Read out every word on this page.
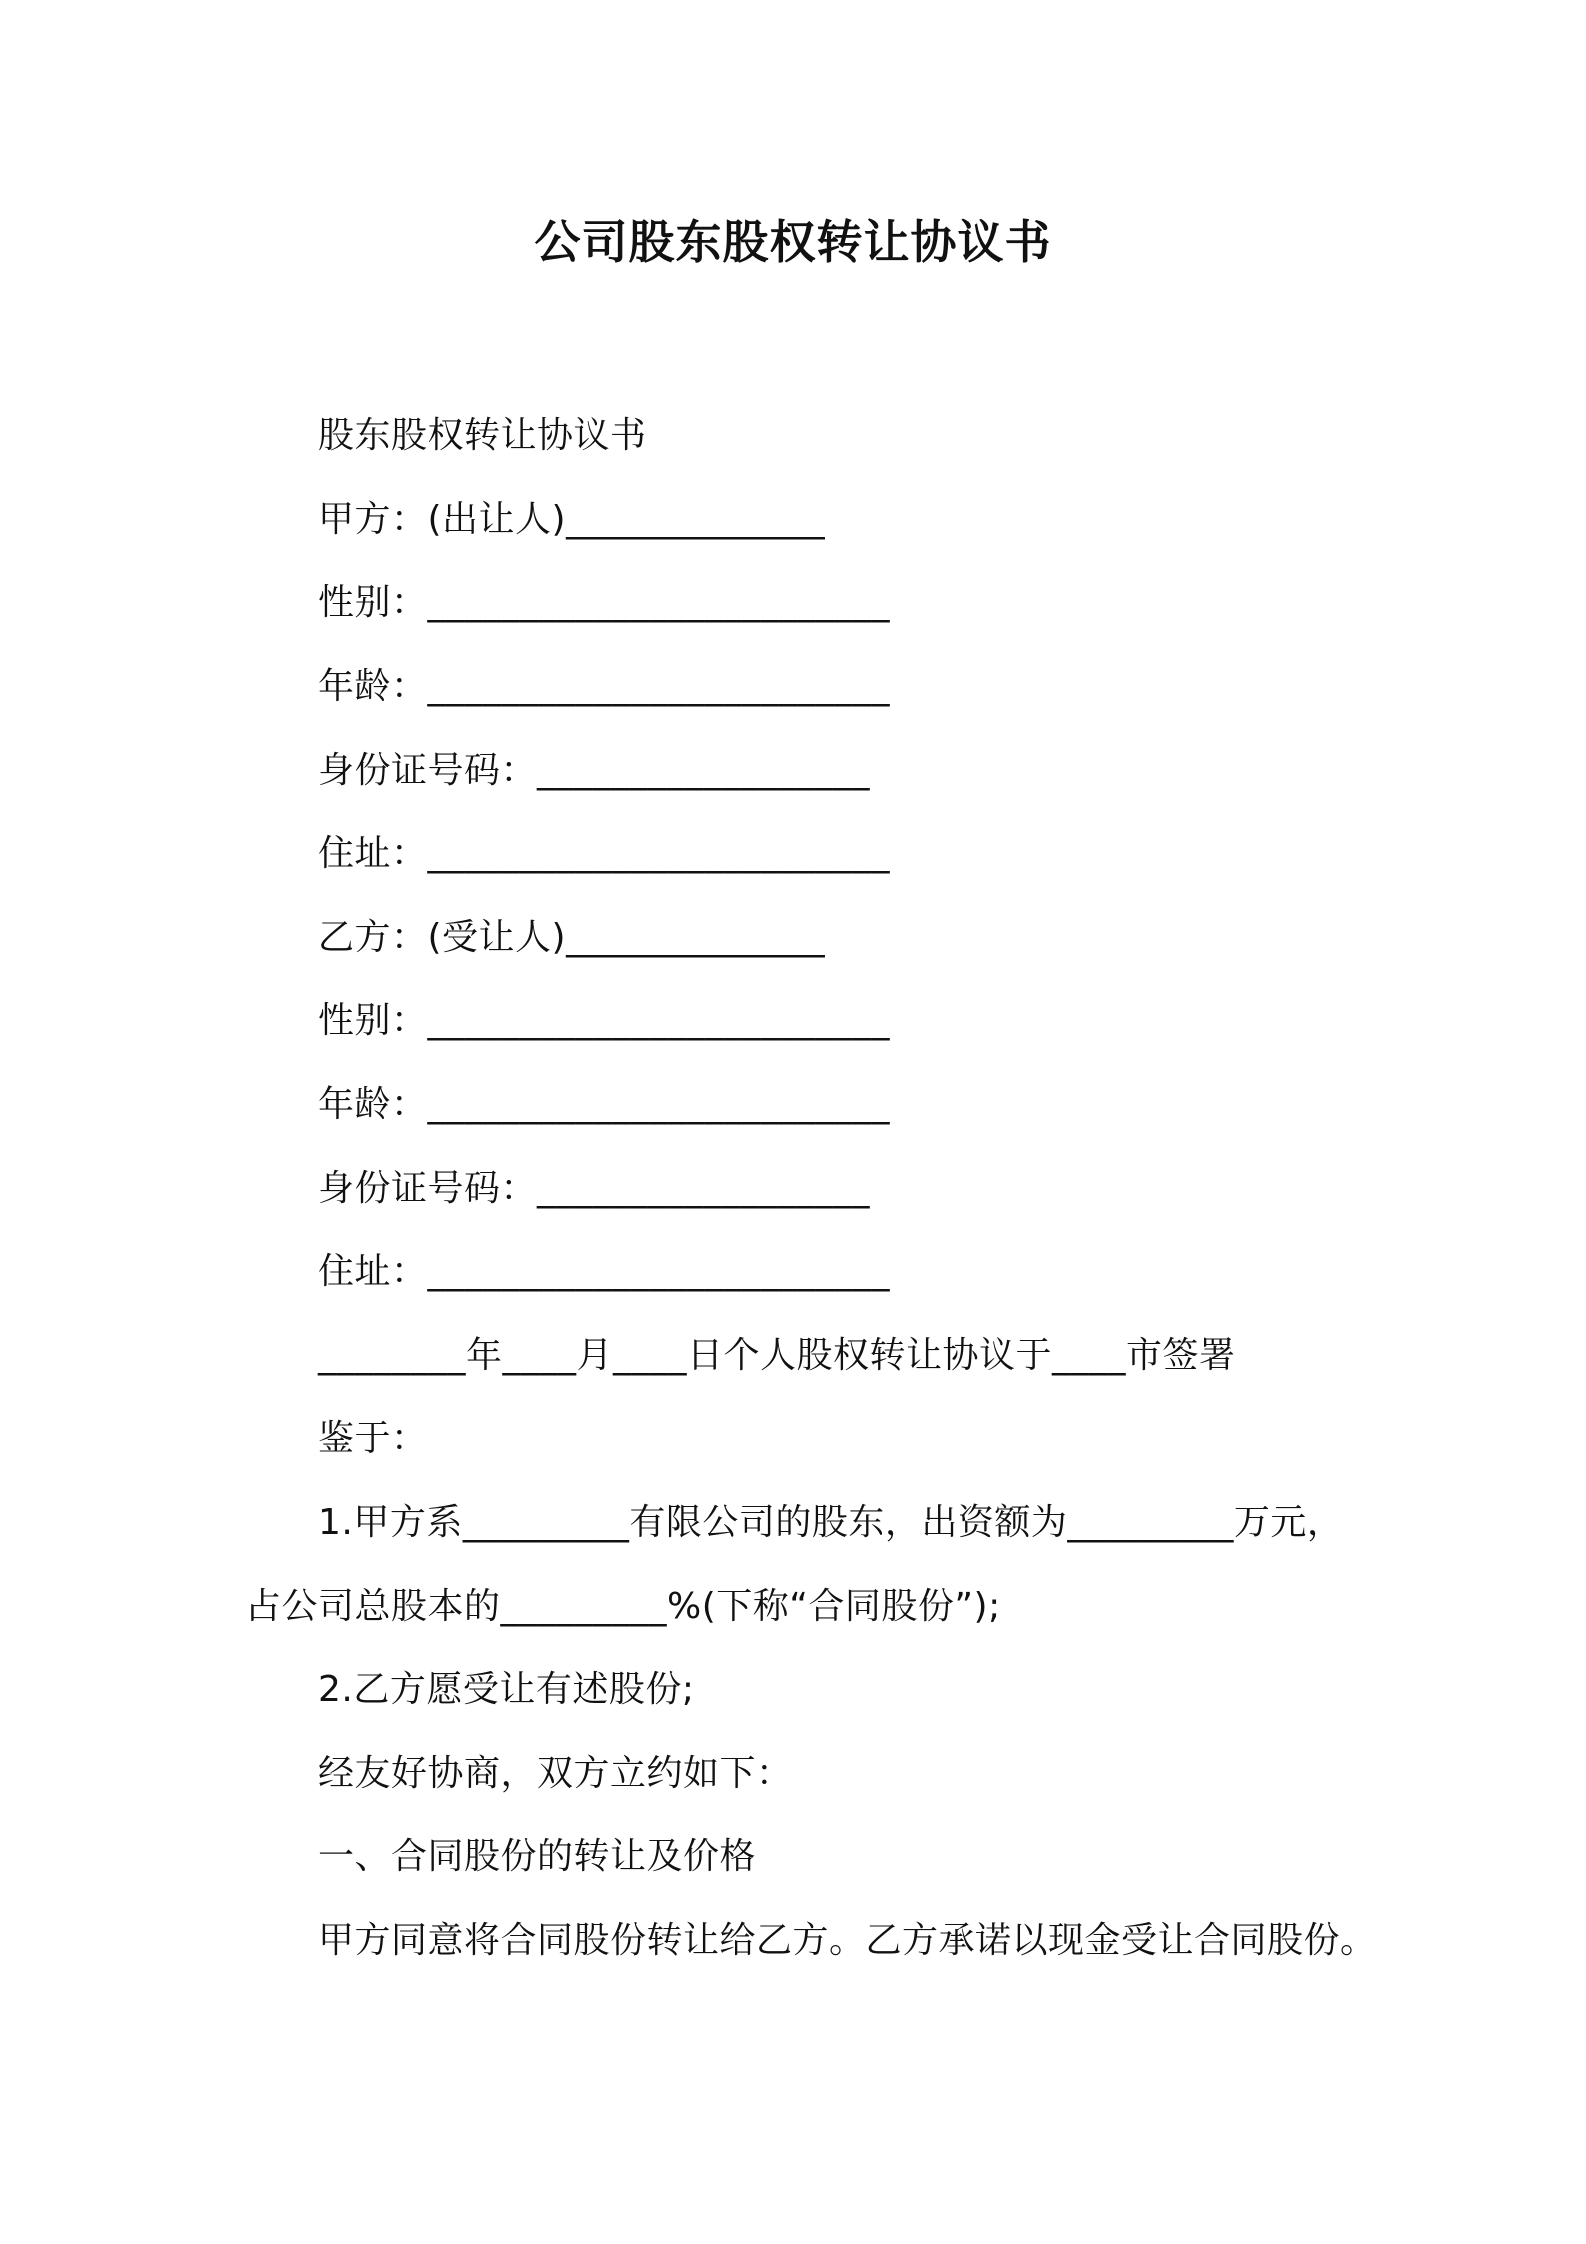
公司股东股权转让协议书
股东股权转让协议书
甲方：(出让人)______________
性别：_________________________
年龄：_________________________
身份证号码：__________________
住址：_________________________
乙方：(受让人)______________
性别：_________________________
年龄：_________________________
身份证号码：__________________
住址：_________________________
________年____月____日个人股权转让协议于____市签署
鉴于：
1.甲方系_________有限公司的股东，出资额为_________万元，
占公司总股本的_________%(下称“合同股份”);
2.乙方愿受让有述股份;
经友好协商，双方立约如下：
一、合同股份的转让及价格
甲方同意将合同股份转让给乙方。乙方承诺以现金受让合同股份。
